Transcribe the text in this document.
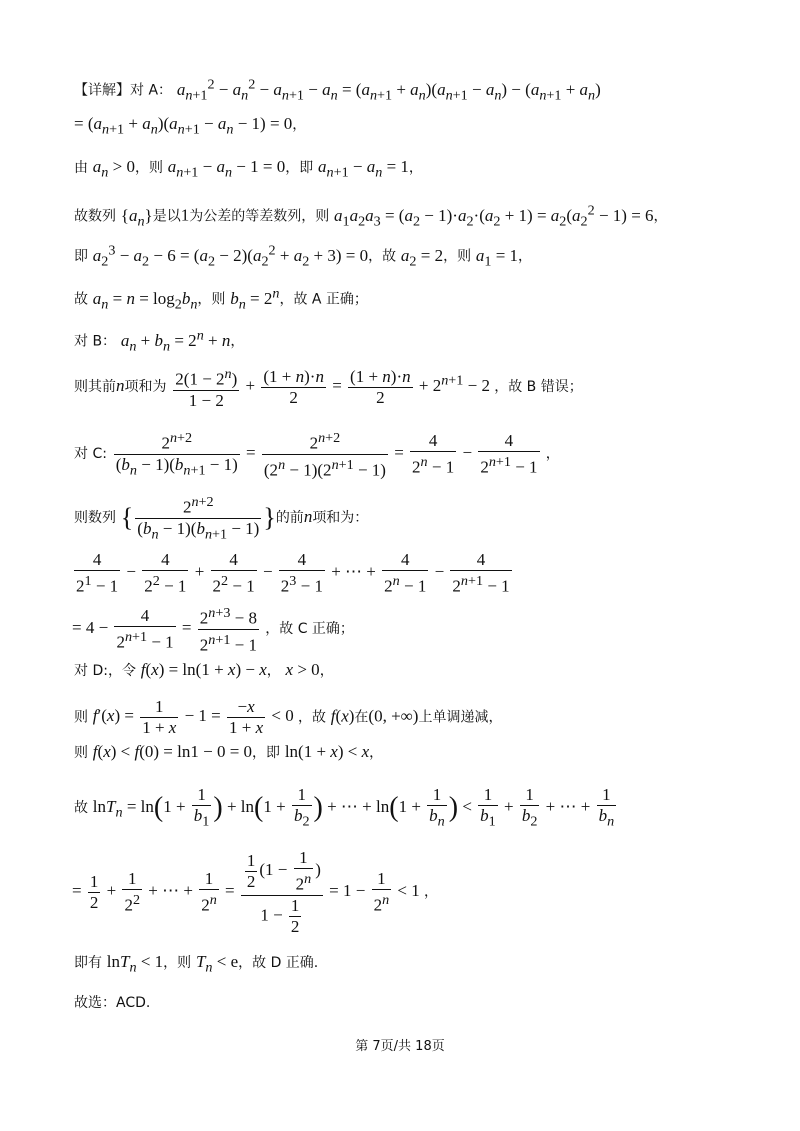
【详解】对 A： $a_{n+1}^2 - a_n^2 - a_{n+1} - a_n = (a_{n+1} + a_n)(a_{n+1} - a_n) - (a_{n+1} + a_n)$
= $(a_{n+1} + a_n)(a_{n+1} - a_n - 1) = 0$，
由 $a_n > 0$，则 $a_{n+1} - a_n - 1 = 0$，即 $a_{n+1} - a_n = 1$，
故数列 $\{a_n\}$是以1为公差的等差数列，则 $a_1a_2a_3 = (a_2 - 1)\cdot a_2\cdot(a_2 + 1) = a_2(a_2^2 - 1) = 6$，
即 $a_2^3 - a_2 - 6 = (a_2 - 2)(a_2^2 + a_2 + 3) = 0$，故 $a_2 = 2$，则 $a_1 = 1$，
故 $a_n = n = \log_2b_n$，则 $b_n = 2^n$，故 A 正确；
对 B： $a_n + b_n = 2^n + n$，
则其前n项和为 $\frac{2(1 - 2^n)}{1 - 2} + \frac{(1 + n)\cdot n}{2} = \frac{(1 + n)\cdot n}{2} + 2^{n+1} - 2$ ，故 B 错误；
对 C: $\frac{2^{n+2}}{(b_n - 1)(b_{n+1} - 1)} = \frac{2^{n+2}}{(2^n - 1)(2^{n+1} - 1)} = \frac{4}{2^n - 1} - \frac{4}{2^{n+1} - 1}$ ，
则数列 { $\frac{2^{n+2}}{(b_n - 1)(b_{n+1} - 1)}$ }的前n项和为：
$\frac{4}{2^1 - 1} - \frac{4}{2^2 - 1} + \frac{4}{2^2 - 1} - \frac{4}{2^3 - 1}$ + ⋯ + $\frac{4}{2^n - 1} - \frac{4}{2^{n+1} - 1}$
= $4 - \frac{4}{2^{n+1} - 1} = \frac{2^{n+3} - 8}{2^{n+1} - 1}$ ，故 C 正确；
对 D:，令 f(x) = ln(1 + x) − x， x > 0，
则 $f'(x) = \frac{1}{1 + x} - 1 = \frac{-x}{1 + x} < 0$ ，故 f(x)在(0, +∞)上单调递减，
则 f(x) < f(0) = ln1 − 0 = 0，即 ln(1 + x) < x，
故 $\ln T_n = \ln(1 + \frac{1}{b_1}$ ) + $\ln(1 + \frac{1}{b_2}$ ) + ⋯ + $\ln(1 + \frac{1}{b_n}$ ) < $\frac{1}{b_1} + \frac{1}{b_2}$ + ⋯ + $\frac{1}{b_n}$
= $\frac{1}{2} + \frac{1}{2^2}$ + ⋯ + $\frac{1}{2^n} = \frac{\frac{1}{2} (1 - \frac{1}{2^n} )}{1 - \frac{1}{2}} = 1 - \frac{1}{2^n} < 1$ ，
即有 lnT$_n$ < 1，则 $T_n < e$，故 D 正确.
故选：ACD.
第 7页/共 18页
